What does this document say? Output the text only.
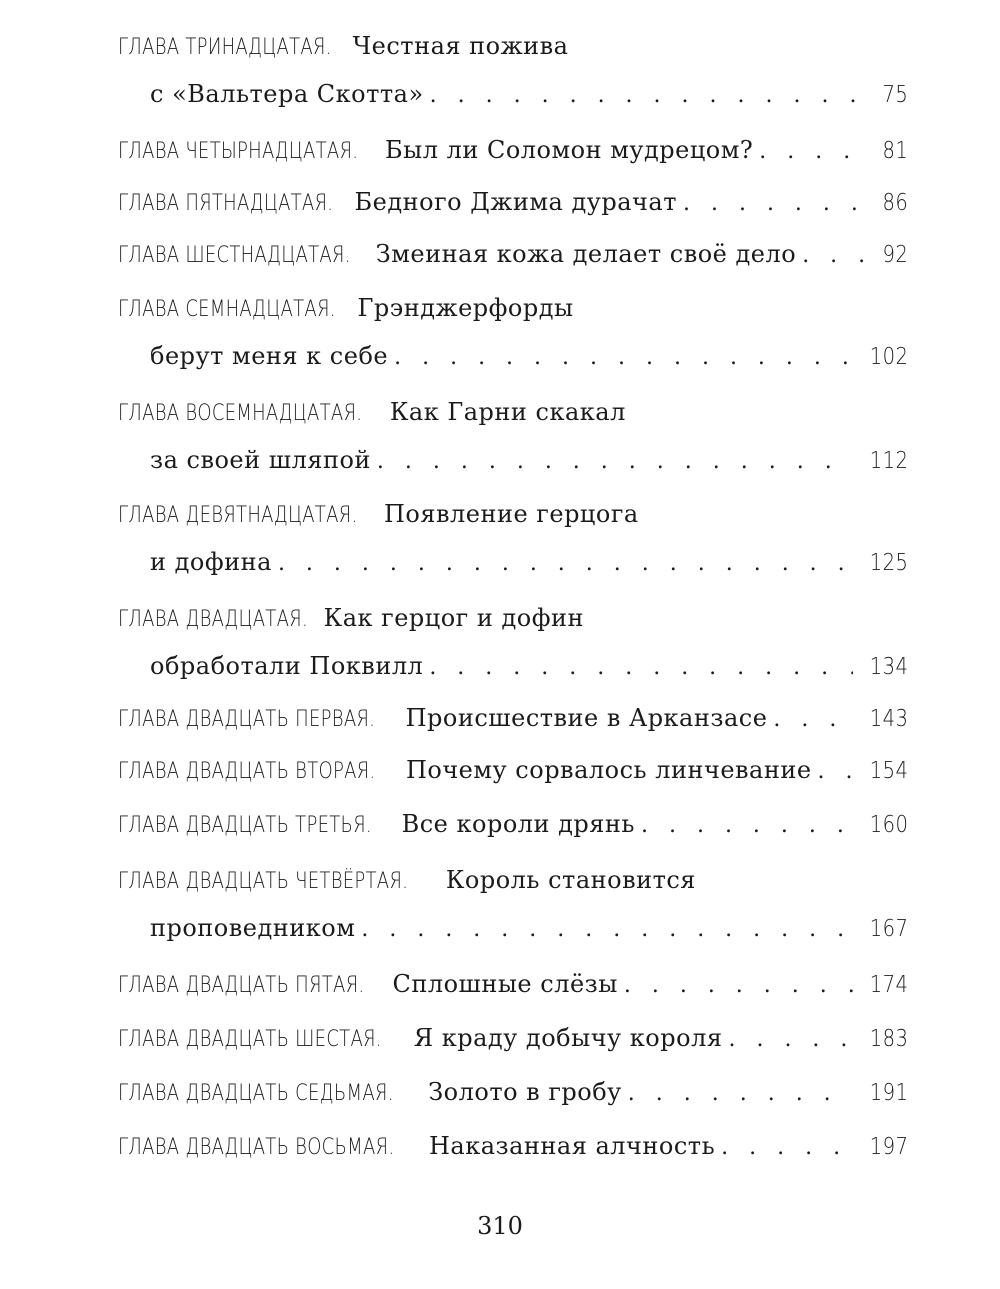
ГЛАВА ТРИНАДЦАТАЯ. Честная пожива
с «Вальтера Скотта» . . .	75
ГЛАВА ЧЕТЫРНАДЦАТАЯ. Был ли Соломон мудрецом? . . .	81
ГЛАВА ПЯТНАДЦАТАЯ. Бедного Джима дурачат . . .	86
ГЛАВА ШЕСТНАДЦАТАЯ. Змеиная кожа делает своё дело . . .	92
ГЛАВА СЕМНАДЦАТАЯ. Грэнджерфорды
берут меня к себе . . .	102
ГЛАВА ВОСЕМНАДЦАТАЯ. Как Гарни скакал
за своей шляпой . . .	112
ГЛАВА ДЕВЯТНАДЦАТАЯ. Появление герцога
и дофина . . .	125
ГЛАВА ДВАДЦАТАЯ. Как герцог и дофин
обработали Поквилл . . .	134
ГЛАВА ДВАДЦАТЬ ПЕРВАЯ. Происшествие в Арканзасе . . .	143
ГЛАВА ДВАДЦАТЬ ВТОРАЯ. Почему сорвалось линчевание . . .	154
ГЛАВА ДВАДЦАТЬ ТРЕТЬЯ. Все короли дрянь . . .	160
ГЛАВА ДВАДЦАТЬ ЧЕТВЁРТАЯ. Король становится
проповедником . . .	167
ГЛАВА ДВАДЦАТЬ ПЯТАЯ. Сплошные слёзы . . .	174
ГЛАВА ДВАДЦАТЬ ШЕСТАЯ. Я краду добычу короля . . .	183
ГЛАВА ДВАДЦАТЬ СЕДЬМАЯ. Золото в гробу . . .	191
ГЛАВА ДВАДЦАТЬ ВОСЬМАЯ. Наказанная алчность . . .	197
310
